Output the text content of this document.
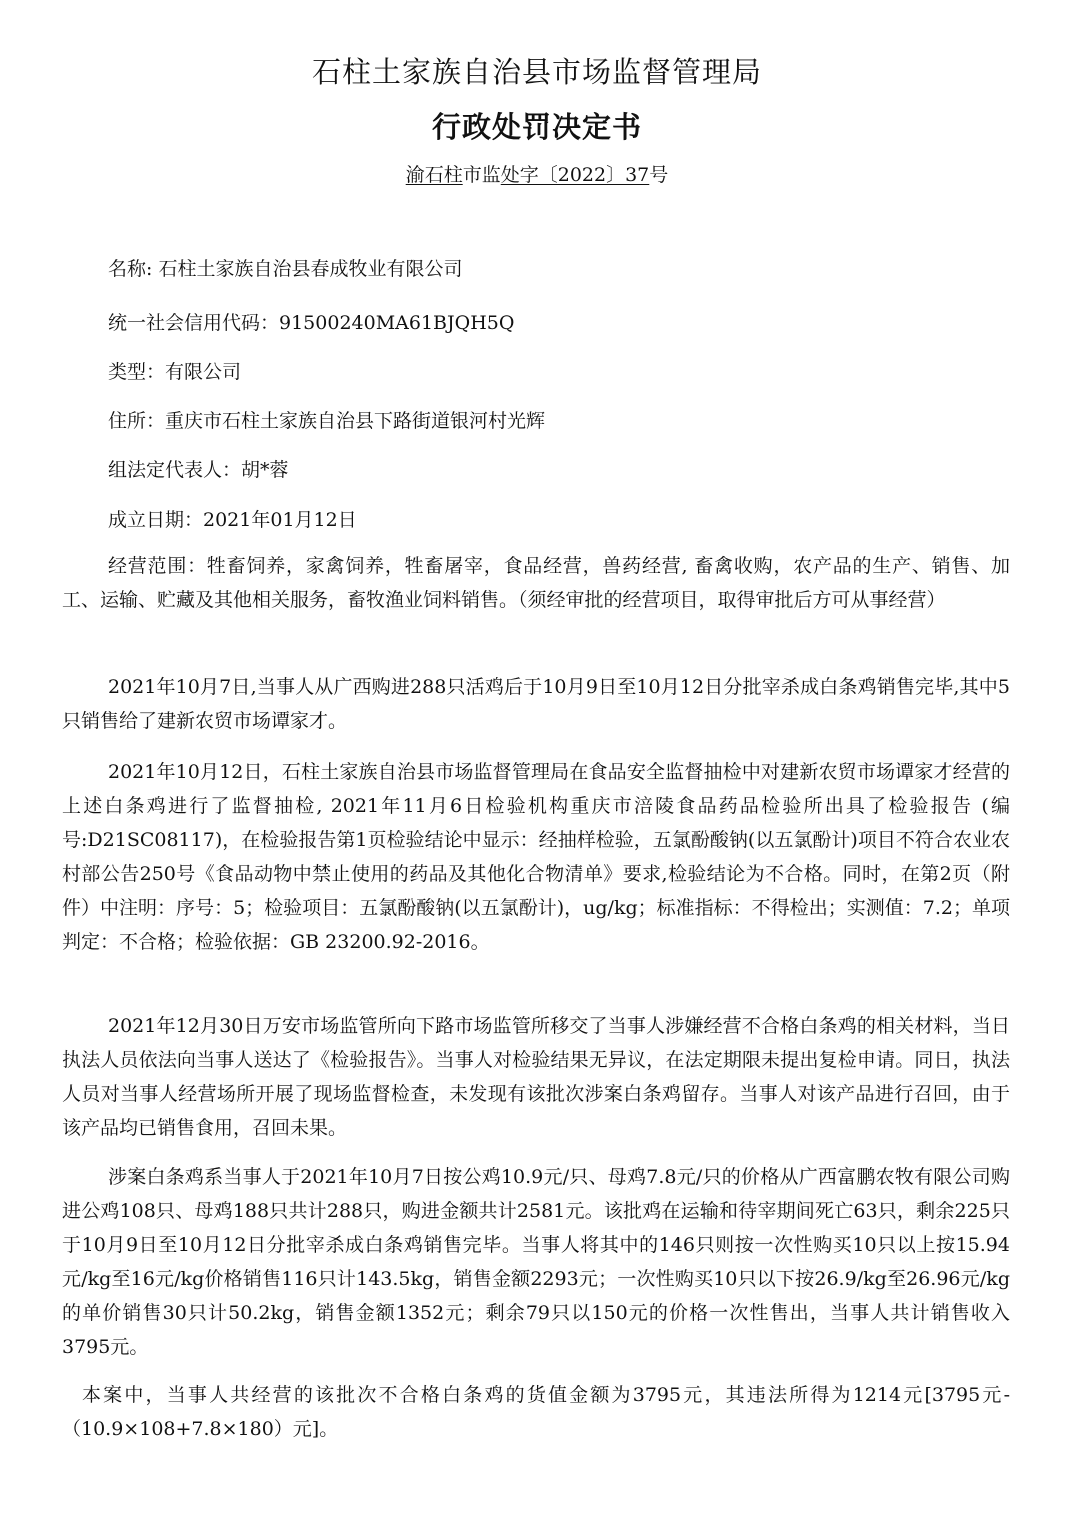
石柱土家族自治县市场监督管理局
行政处罚决定书
渝石柱市监处字〔2022〕37号
名称: 石柱土家族自治县春成牧业有限公司
统一社会信用代码：91500240MA61BJQH5Q
类型：有限公司
住所：重庆市石柱土家族自治县下路街道银河村光辉
组法定代表人：胡*蓉
成立日期：2021年01月12日

经营范围：牲畜饲养，家禽饲养，牲畜屠宰，食品经营，兽药经营, 畜禽收购，农产品的生产、销售、加工、运输、贮藏及其他相关服务，畜牧渔业饲料销售。（须经审批的经营项目，取得审批后方可从事经营）

2021年10月7日,当事人从广西购进288只活鸡后于10月9日至10月12日分批宰杀成白条鸡销售完毕,其中5只销售给了建新农贸市场谭家才。

2021年10月12日，石柱土家族自治县市场监督管理局在食品安全监督抽检中对建新农贸市场谭家才经营的上述白条鸡进行了监督抽检, 2021年11月6日检验机构重庆市涪陵食品药品检验所出具了检验报告 (编号:D21SC08117)，在检验报告第1页检验结论中显示：经抽样检验，五氯酚酸钠(以五氯酚计)项目不符合农业农村部公告250号《食品动物中禁止使用的药品及其他化合物清单》要求,检验结论为不合格。同时，在第2页（附件）中注明：序号：5；检验项目：五氯酚酸钠(以五氯酚计)，ug/kg；标准指标：不得检出；实测值：7.2；单项判定：不合格；检验依据：GB 23200.92-2016。

2021年12月30日万安市场监管所向下路市场监管所移交了当事人涉嫌经营不合格白条鸡的相关材料，当日执法人员依法向当事人送达了《检验报告》。当事人对检验结果无异议，在法定期限未提出复检申请。同日，执法人员对当事人经营场所开展了现场监督检查，未发现有该批次涉案白条鸡留存。当事人对该产品进行召回，由于该产品均已销售食用，召回未果。

涉案白条鸡系当事人于2021年10月7日按公鸡10.9元/只、母鸡7.8元/只的价格从广西富鹏农牧有限公司购进公鸡108只、母鸡188只共计288只，购进金额共计2581元。该批鸡在运输和待宰期间死亡63只，剩余225只于10月9日至10月12日分批宰杀成白条鸡销售完毕。当事人将其中的146只则按一次性购买10只以上按15.94元/kg至16元/kg价格销售116只计143.5kg，销售金额2293元；一次性购买10只以下按26.9/kg至26.96元/kg的单价销售30只计50.2kg，销售金额1352元；剩余79只以150元的价格一次性售出，当事人共计销售收入3795元。

本案中，当事人共经营的该批次不合格白条鸡的货值金额为3795元，其违法所得为1214元[3795元-（10.9×108+7.8×180）元]。
